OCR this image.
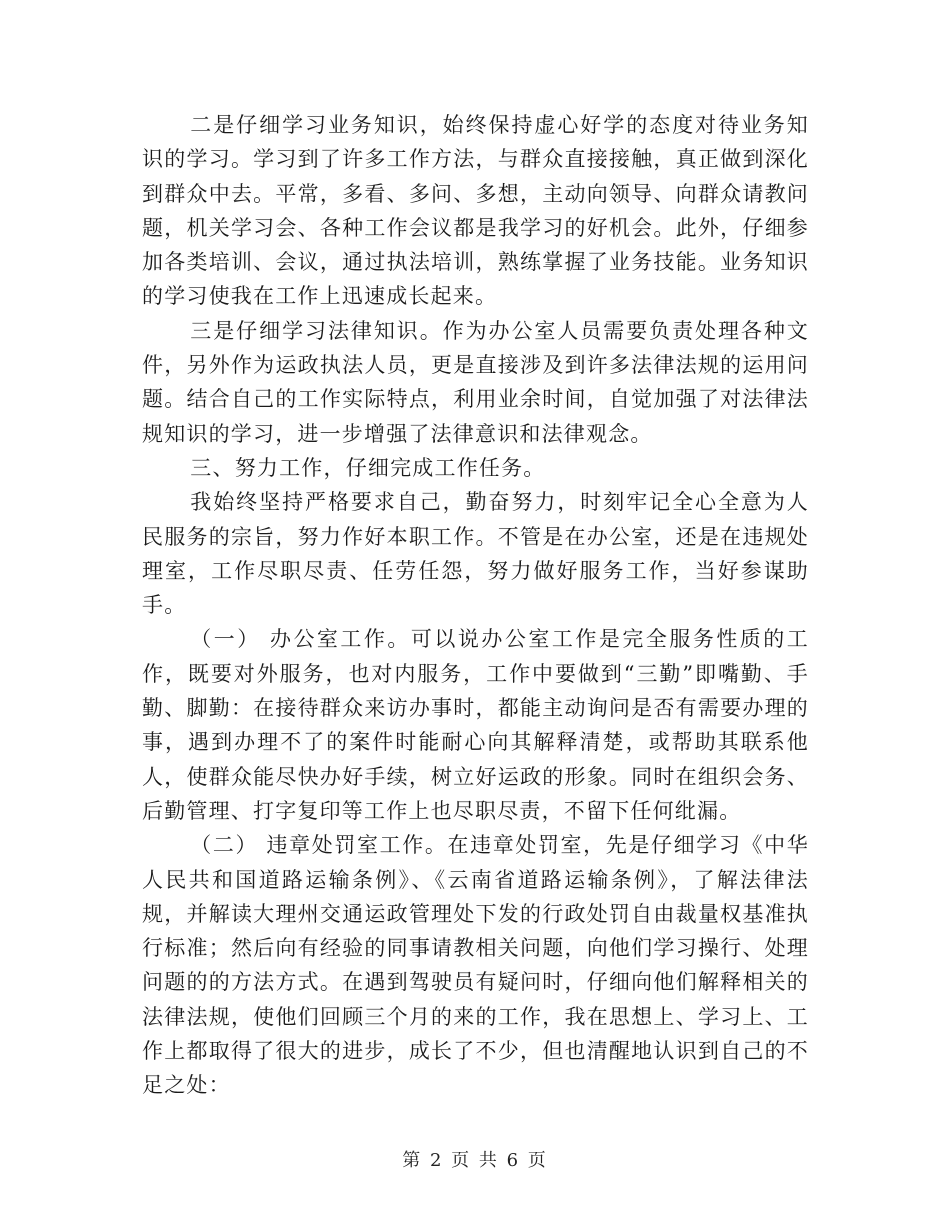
二是仔细学习业务知识，始终保持虚心好学的态度对待业务知识的学习。学习到了许多工作方法，与群众直接接触，真正做到深化到群众中去。平常，多看、多问、多想，主动向领导、向群众请教问题，机关学习会、各种工作会议都是我学习的好机会。此外，仔细参加各类培训、会议，通过执法培训，熟练掌握了业务技能。业务知识的学习使我在工作上迅速成长起来。

三是仔细学习法律知识。作为办公室人员需要负责处理各种文件，另外作为运政执法人员，更是直接涉及到许多法律法规的运用问题。结合自己的工作实际特点，利用业余时间，自觉加强了对法律法规知识的学习，进一步增强了法律意识和法律观念。

三、努力工作，仔细完成工作任务。

我始终坚持严格要求自己，勤奋努力，时刻牢记全心全意为人民服务的宗旨，努力作好本职工作。不管是在办公室，还是在违规处理室，工作尽职尽责、任劳任怨，努力做好服务工作，当好参谋助手。

（一） 办公室工作。可以说办公室工作是完全服务性质的工作，既要对外服务，也对内服务，工作中要做到“三勤”即嘴勤、手勤、脚勤：在接待群众来访办事时，都能主动询问是否有需要办理的事，遇到办理不了的案件时能耐心向其解释清楚，或帮助其联系他人，使群众能尽快办好手续，树立好运政的形象。同时在组织会务、后勤管理、打字复印等工作上也尽职尽责，不留下任何纰漏。

（二） 违章处罚室工作。在违章处罚室，先是仔细学习《中华人民共和国道路运输条例》、《云南省道路运输条例》，了解法律法规，并解读大理州交通运政管理处下发的行政处罚自由裁量权基准执行标准；然后向有经验的同事请教相关问题，向他们学习操行、处理问题的的方法方式。在遇到驾驶员有疑问时，仔细向他们解释相关的法律法规，使他们回顾三个月的来的工作，我在思想上、学习上、工作上都取得了很大的进步，成长了不少，但也清醒地认识到自己的不足之处：

第 2 页 共 6 页
